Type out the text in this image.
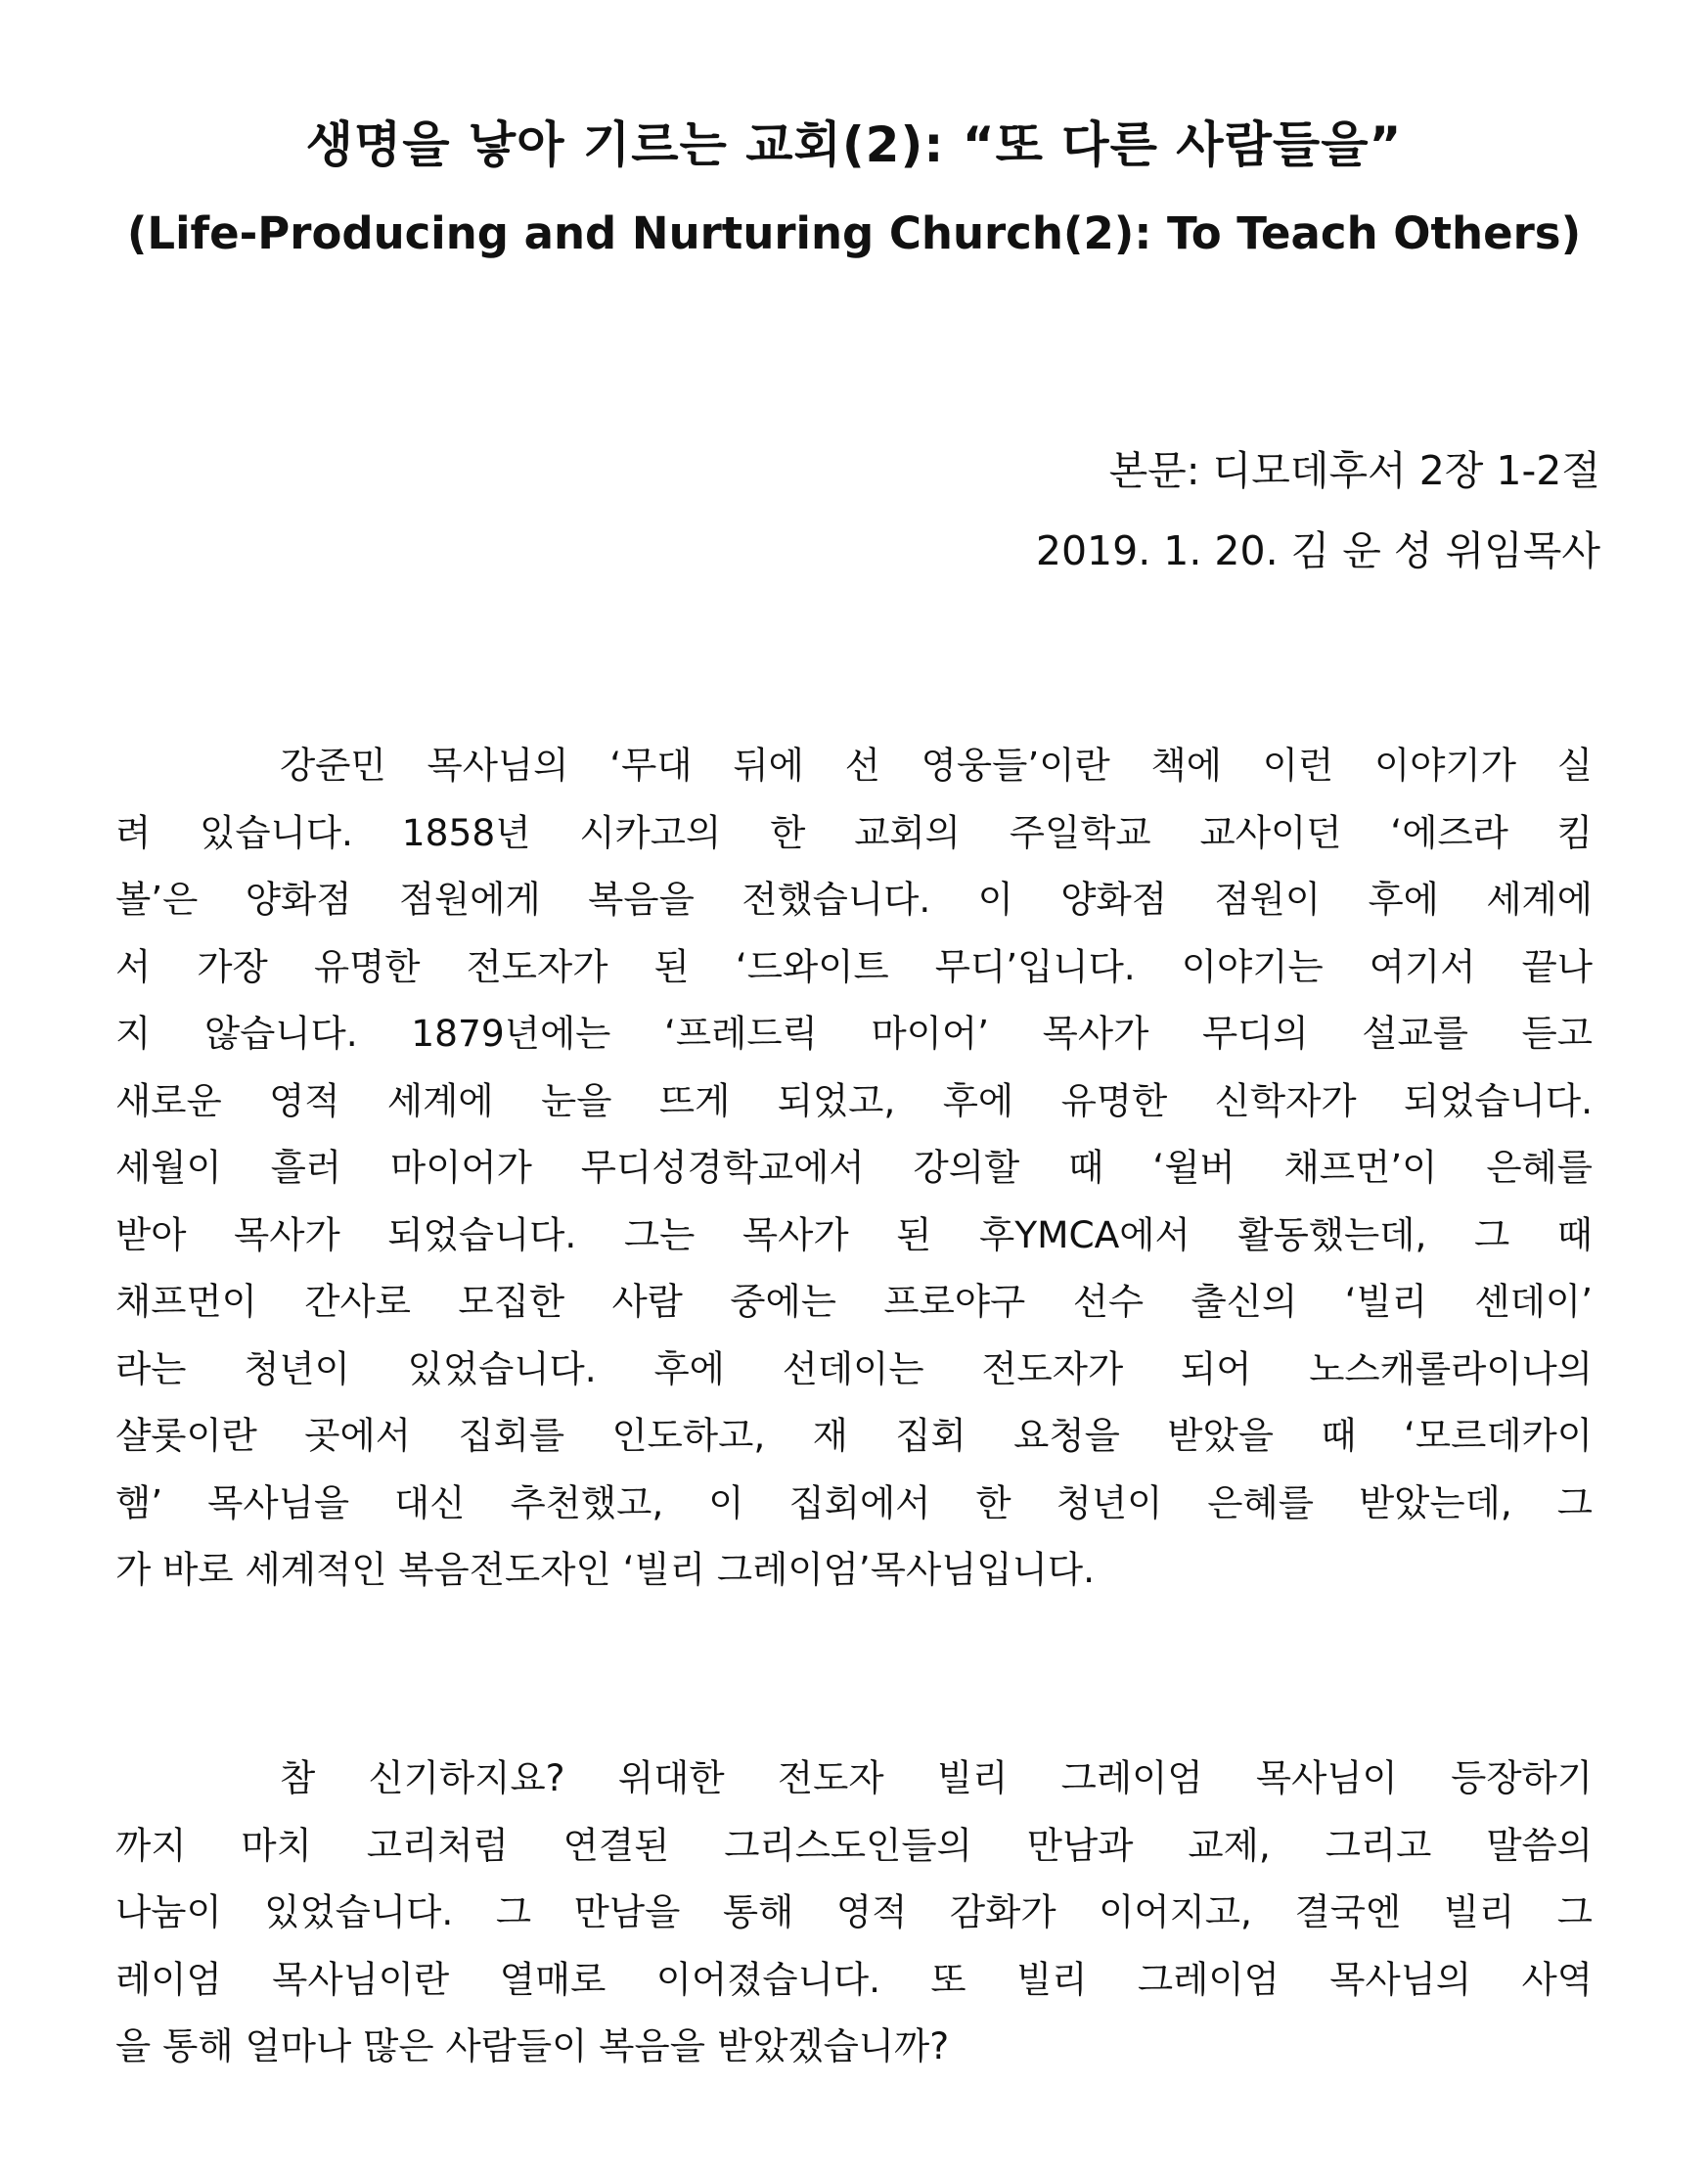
생명을 낳아 기르는 교회(2): “또 다른 사람들을”
(Life-Producing and Nurturing Church(2): To Teach Others)

본문: 디모데후서 2장 1-2절

2019. 1. 20. 김 운 성 위임목사

강준민 목사님의 ‘무대 뒤에 선 영웅들’이란 책에 이런 이야기가 실
려 있습니다. 1858년 시카고의 한 교회의 주일학교 교사이던 ‘에즈라 킴
볼’은 양화점 점원에게 복음을 전했습니다. 이 양화점 점원이 후에 세계에
서 가장 유명한 전도자가 된 ‘드와이트 무디’입니다. 이야기는 여기서 끝나
지 않습니다. 1879년에는 ‘프레드릭 마이어’ 목사가 무디의 설교를 듣고
새로운 영적 세계에 눈을 뜨게 되었고, 후에 유명한 신학자가 되었습니다.
세월이 흘러 마이어가 무디성경학교에서 강의할 때 ‘윌버 채프먼’이 은혜를
받아 목사가 되었습니다. 그는 목사가 된 후YMCA에서 활동했는데, 그 때
채프먼이 간사로 모집한 사람 중에는 프로야구 선수 출신의 ‘빌리 센데이’
라는 청년이 있었습니다. 후에 선데이는 전도자가 되어 노스캐롤라이나의
샬롯이란 곳에서 집회를 인도하고, 재 집회 요청을 받았을 때 ‘모르데카이
햄’ 목사님을 대신 추천했고, 이 집회에서 한 청년이 은혜를 받았는데, 그
가 바로 세계적인 복음전도자인 ‘빌리 그레이엄’목사님입니다.
참 신기하지요? 위대한 전도자 빌리 그레이엄 목사님이 등장하기
까지 마치 고리처럼 연결된 그리스도인들의 만남과 교제, 그리고 말씀의
나눔이 있었습니다. 그 만남을 통해 영적 감화가 이어지고, 결국엔 빌리 그
레이엄 목사님이란 열매로 이어졌습니다. 또 빌리 그레이엄 목사님의 사역
을 통해 얼마나 많은 사람들이 복음을 받았겠습니까?
